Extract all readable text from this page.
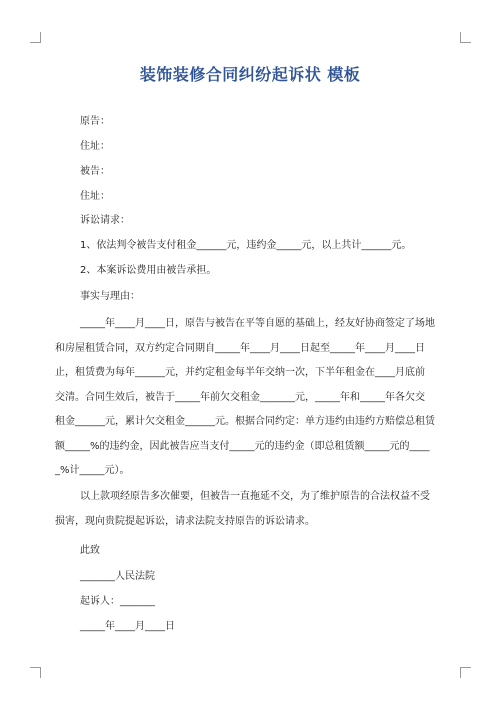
装饰装修合同纠纷起诉状 模板
原告：
住址：
被告：
住址：
诉讼请求：
1、依法判令被告支付租金______元，违约金_____元，以上共计______元。
2、本案诉讼费用由被告承担。
事实与理由：
_____年____月____日，原告与被告在平等自愿的基础上，经友好协商签定了场地
和房屋租赁合同，双方约定合同期自_____年____月____日起至_____年____月____日
止，租赁费为每年______元，并约定租金每半年交纳一次，下半年租金在____月底前
交清。合同生效后，被告于_____年前欠交租金_______元，_____年和_____年各欠交
租金______元，累计欠交租金______元。根据合同约定：单方违约由违约方赔偿总租赁
额_____%的违约金，因此被告应当支付_____元的违约金（即总租赁额_____元的____
_%计_____元）。
以上款项经原告多次催要，但被告一直拖延不交，为了维护原告的合法权益不受
损害，现向贵院提起诉讼，请求法院支持原告的诉讼请求。
此致
_______人民法院
起诉人：_______
_____年____月____日
